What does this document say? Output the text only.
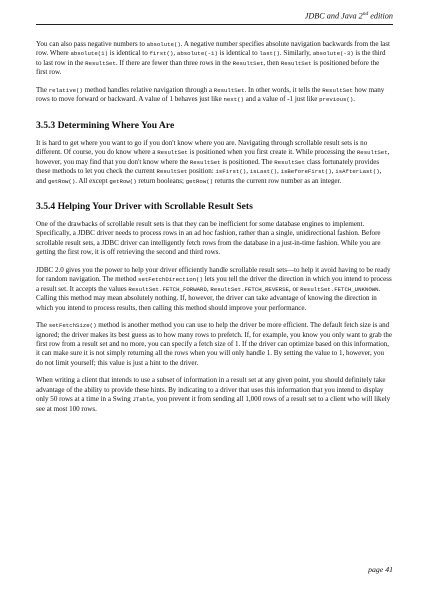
JDBC and Java 2nd edition

You can also pass negative numbers to absolute(). A negative number specifies absolute navigation backwards from the last row. Where absolute(1) is identical to first(), absolute(-1) is identical to last(). Similarly, absolute(-3) is the third to last row in the ResultSet. If there are fewer than three rows in the ResultSet, then ResultSet is positioned before the first row.

The relative() method handles relative navigation through a ResultSet. In other words, it tells the ResultSet how many rows to move forward or backward. A value of 1 behaves just like next() and a value of -1 just like previous().

3.5.3 Determining Where You Are

It is hard to get where you want to go if you don't know where you are. Navigating through scrollable result sets is no different. Of course, you do know where a ResultSet is positioned when you first create it. While processing the ResultSet, however, you may find that you don't know where the ResultSet is positioned. The ResultSet class fortunately provides these methods to let you check the current ResultSet position: isFirst(), isLast(), isBeforeFirst(), isAfterLast(), and getRow(). All except getRow() return booleans; getRow() returns the current row number as an integer.

3.5.4 Helping Your Driver with Scrollable Result Sets

One of the drawbacks of scrollable result sets is that they can be inefficient for some database engines to implement. Specifically, a JDBC driver needs to process rows in an ad hoc fashion, rather than a single, unidirectional fashion. Before scrollable result sets, a JDBC driver can intelligently fetch rows from the database in a just-in-time fashion. While you are getting the first row, it is off retrieving the second and third rows.

JDBC 2.0 gives you the power to help your driver efficiently handle scrollable result sets—to help it avoid having to be ready for random navigation. The method setFetchDirection() lets you tell the driver the direction in which you intend to process a result set. It accepts the values ResultSet.FETCH_FORWARD, ResultSet.FETCH_REVERSE, or ResultSet.FETCH_UNKNOWN. Calling this method may mean absolutely nothing. If, however, the driver can take advantage of knowing the direction in which you intend to process results, then calling this method should improve your performance.

The setFetchSize() method is another method you can use to help the driver be more efficient. The default fetch size is and ignored; the driver makes its best guess as to how many rows to prefetch. If, for example, you know you only want to grab the first row from a result set and no more, you can specify a fetch size of 1. If the driver can optimize based on this information, it can make sure it is not simply returning all the rows when you will only handle 1. By setting the value to 1, however, you do not limit yourself; this value is just a hint to the driver.

When writing a client that intends to use a subset of information in a result set at any given point, you should definitely take advantage of the ability to provide these hints. By indicating to a driver that uses this information that you intend to display only 50 rows at a time in a Swing JTable, you prevent it from sending all 1,000 rows of a result set to a client who will likely see at most 100 rows.

page 41
